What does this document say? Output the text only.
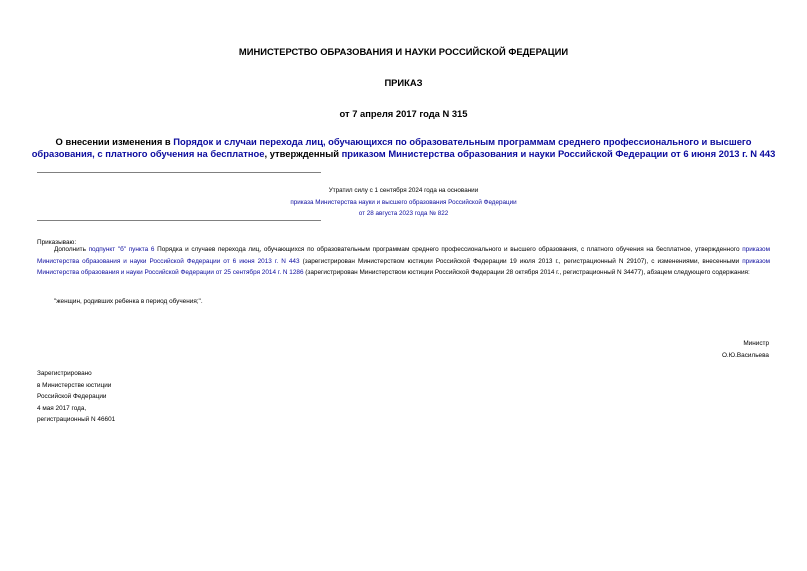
МИНИСТЕРСТВО ОБРАЗОВАНИЯ И НАУКИ РОССИЙСКОЙ ФЕДЕРАЦИИ
ПРИКАЗ
от 7 апреля 2017 года N 315
О внесении изменения в Порядок и случаи перехода лиц, обучающихся по образовательным программам среднего профессионального и высшего образования, с платного обучения на бесплатное, утвержденный приказом Министерства образования и науки Российской Федерации от 6 июня 2013 г. N 443
Утратил силу с 1 сентября 2024 года на основании
приказа Министерства науки и высшего образования Российской Федерации
от 28 августа 2023 года № 822
Приказываю:
Дополнить подпункт "б" пункта 6 Порядка и случаев перехода лиц, обучающихся по образовательным программам среднего профессионального и высшего образования, с платного обучения на бесплатное, утвержденного приказом Министерства образования и науки Российской Федерации от 6 июня 2013 г. N 443 (зарегистрирован Министерством юстиции Российской Федерации 19 июля 2013 г., регистрационный N 29107), с изменениями, внесенными приказом Министерства образования и науки Российской Федерации от 25 сентября 2014 г. N 1286 (зарегистрирован Министерством юстиции Российской Федерации 28 октября 2014 г., регистрационный N 34477), абзацем следующего содержания:
"женщин, родивших ребенка в период обучения;".
Министр
О.Ю.Васильева
Зарегистрировано
в Министерстве юстиции
Российской Федерации
4 мая 2017 года,
регистрационный N 46601
